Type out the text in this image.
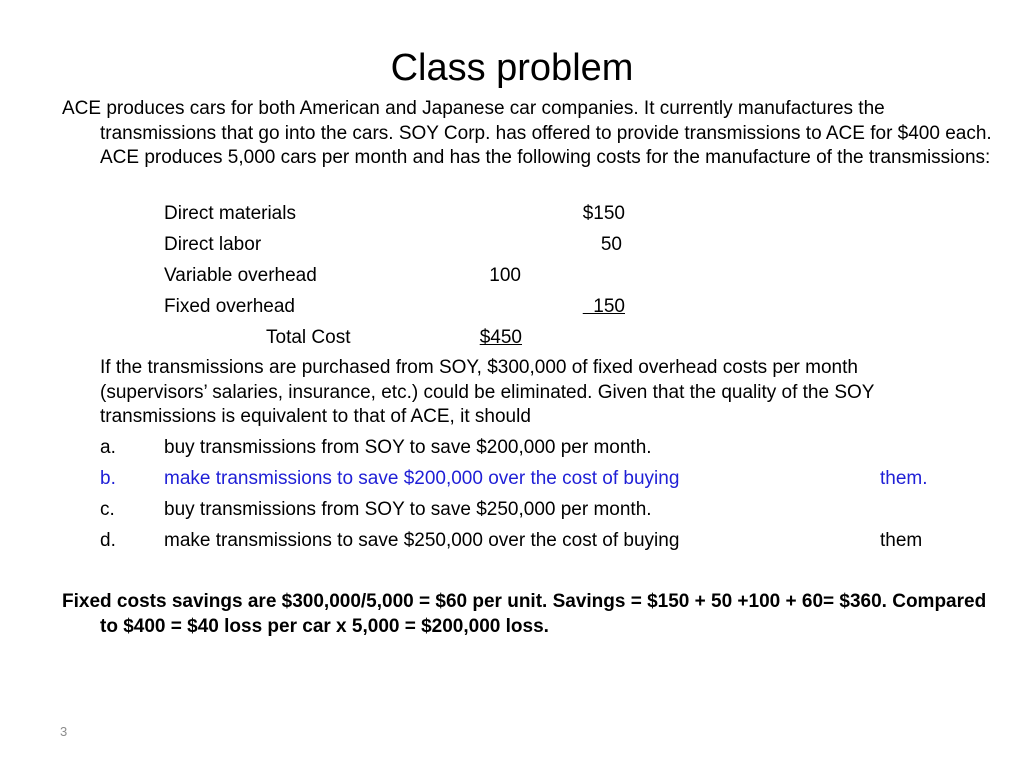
Class problem
ACE produces cars for both American and Japanese car companies. It currently manufactures the transmissions that go into the cars. SOY Corp. has offered to provide transmissions to ACE for $400 each. ACE produces 5,000 cars per month and has the following costs for the manufacture of the transmissions:
Direct materials	$150
Direct labor	50
Variable overhead	100
Fixed overhead	150
Total Cost	$450
If the transmissions are purchased from SOY, $300,000 of fixed overhead costs per month (supervisors’ salaries, insurance, etc.) could be eliminated. Given that the quality of the SOY transmissions is equivalent to that of ACE, it should
a.	buy transmissions from SOY to save $200,000 per month.
b.	make transmissions to save $200,000 over the cost of buying	them.
c.	buy transmissions from SOY to save $250,000 per month.
d.	make transmissions to save $250,000 over the cost of buying	them
Fixed costs savings are $300,000/5,000 = $60 per unit. Savings = $150 + 50 +100 + 60= $360. Compared to $400 = $40 loss per car x 5,000 = $200,000 loss.
3
